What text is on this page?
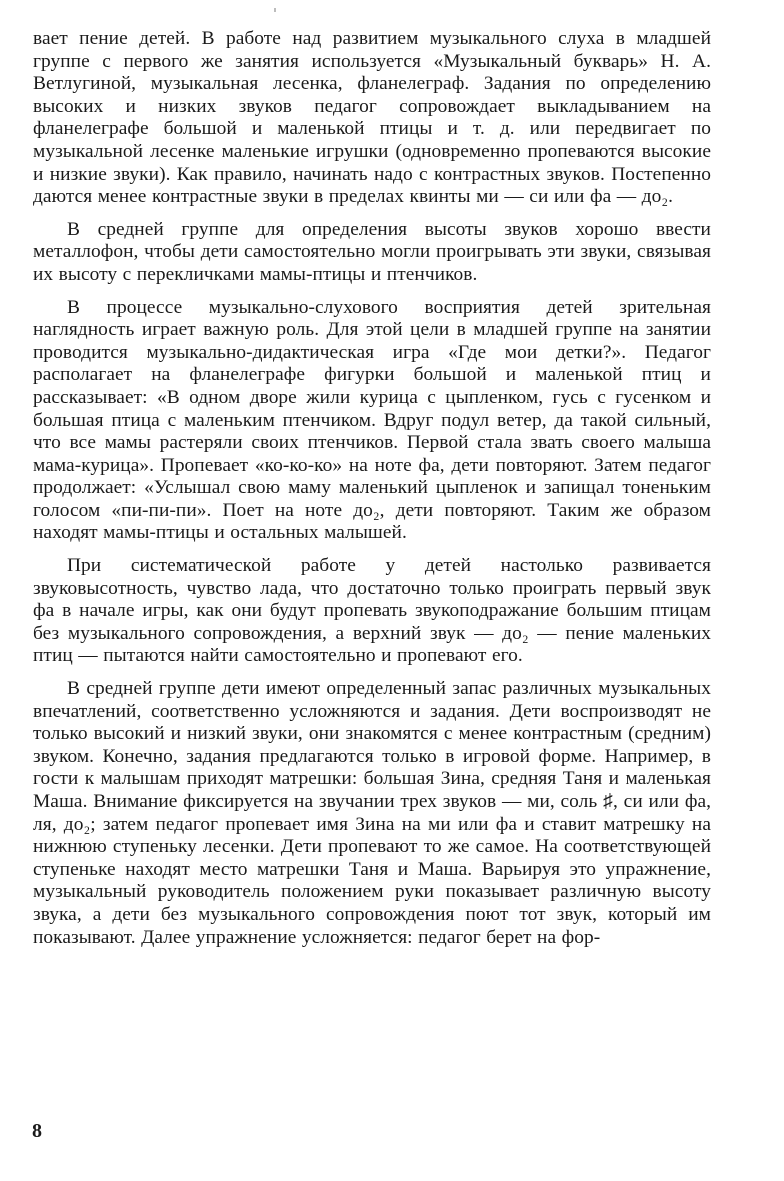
вает пение детей. В работе над развитием музыкального слуха в младшей группе с первого же занятия используется «Музыкальный букварь» Н. А. Ветлугиной, музыкальная лесенка, фланелеграф. Задания по определению высоких и низких звуков педагог сопровождает выкладыванием на фланелеграфе большой и маленькой птицы и т. д. или передвигает по музыкальной лесенке маленькие игрушки (одновременно пропеваются высокие и низкие звуки). Как правило, начинать надо с контрастных звуков. Постепенно даются менее контрастные звуки в пределах квинты ми — си или фа — до₂.

В средней группе для определения высоты звуков хорошо ввести металлофон, чтобы дети самостоятельно могли проигрывать эти звуки, связывая их высоту с перекличками мамы-птицы и птенчиков.

В процессе музыкально-слухового восприятия детей зрительная наглядность играет важную роль. Для этой цели в младшей группе на занятии проводится музыкально-дидактическая игра «Где мои детки?». Педагог располагает на фланелеграфе фигурки большой и маленькой птиц и рассказывает: «В одном дворе жили курица с цыпленком, гусь с гусенком и большая птица с маленьким птенчиком. Вдруг подул ветер, да такой сильный, что все мамы растеряли своих птенчиков. Первой стала звать своего малыша мама-курица». Пропевает «ко-ко-ко» на ноте фа, дети повторяют. Затем педагог продолжает: «Услышал свою маму маленький цыпленок и запищал тоненьким голосом «пи-пи-пи». Поет на ноте до₂, дети повторяют. Таким же образом находят мамы-птицы и остальных малышей.

При систематической работе у детей настолько развивается звуковысотность, чувство лада, что достаточно только проиграть первый звук фа в начале игры, как они будут пропевать звукоподражание большим птицам без музыкального сопровождения, а верхний звук — до₂ — пение маленьких птиц — пытаются найти самостоятельно и пропевают его.

В средней группе дети имеют определенный запас различных музыкальных впечатлений, соответственно усложняются и задания. Дети воспроизводят не только высокий и низкий звуки, они знакомятся с менее контрастным (средним) звуком. Конечно, задания предлагаются только в игровой форме. Например, в гости к малышам приходят матрешки: большая Зина, средняя Таня и маленькая Маша. Внимание фиксируется на звучании трех звуков — ми, соль ♯, си или фа, ля, до₂; затем педагог пропевает имя Зина на ми или фа и ставит матрешку на нижнюю ступеньку лесенки. Дети пропевают то же самое. На соответствующей ступеньке находят место матрешки Таня и Маша. Варьируя это упражнение, музыкальный руководитель положением руки показывает различную высоту звука, а дети без музыкального сопровождения поют тот звук, который им показывают. Далее упражнение усложняется: педагог берет на фор-

8
